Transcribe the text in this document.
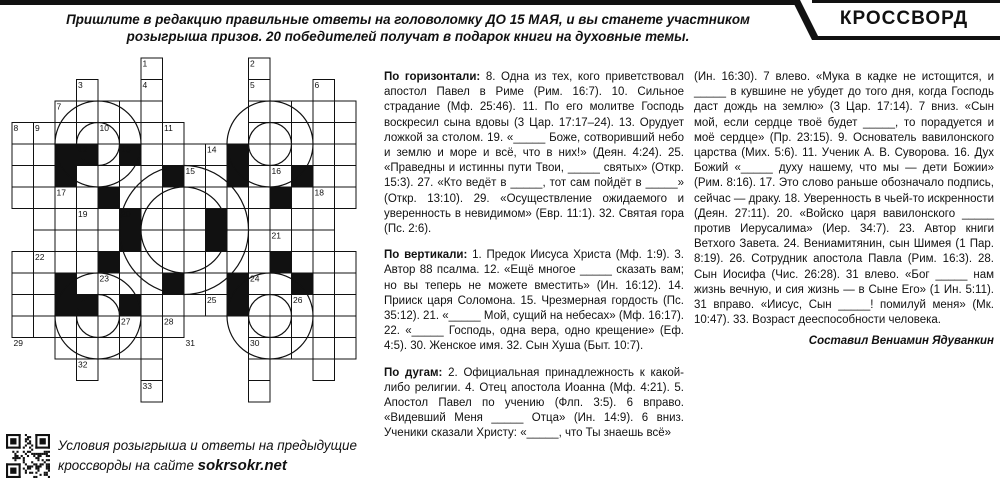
Пришлите в редакцию правильные ответы на головоломку ДО 15 МАЯ, и вы станете участником
розыгрыша призов. 20 победителей получат в подарок книги на духовные темы.

КРОССВОРД
1	2
3	4	5	6
7
8 9	10	11
12	13	14
15	16
17	18
19	20
21
22
23	24
25	26
27	28
29	30
31
32
33

По горизонтали: 8. Одна из тех, кого приветствовал апостол Павел в Риме (Рим. 16:7). 10. Сильное страдание (Мф. 25:46). 11. По его молитве Господь воскресил сына вдовы (3 Цар. 17:17–24). 13. Орудует ложкой за столом. 19. «_____ Боже, сотворивший небо и землю и море и всё, что в них!» (Деян. 4:24). 25. «Праведны и истинны пути Твои, _____ святых» (Откр. 15:3). 27. «Кто ведёт в _____, тот сам пойдёт в _____» (Откр. 13:10). 29. «Осуществление ожидаемого и уверенность в невидимом» (Евр. 11:1). 32. Святая гора (Пс. 2:6).

По вертикали: 1. Предок Иисуса Христа (Мф. 1:9). 3. Автор 88 псалма. 12. «Ещё многое _____ сказать вам; но вы теперь не можете вместить» (Ин. 16:12). 14. Прииск царя Соломона. 15. Чрезмерная гордость (Пс. 35:12). 21. «_____ Мой, сущий на небесах» (Мф. 16:17). 22. «_____ Господь, одна вера, одно крещение» (Еф. 4:5). 30. Женское имя. 32. Сын Хуша (Быт. 10:7).

По дугам: 2. Официальная принадлежность к какой-либо религии. 4. Отец апостола Иоанна (Мф. 4:21). 5. Апостол Павел по учению (Флп. 3:5). 6 вправо. «Видевший Меня _____ Отца» (Ин. 14:9). 6 вниз. Ученики сказали Христу: «_____, что Ты знаешь всё»

(Ин. 16:30). 7 влево. «Мука в кадке не истощится, и _____ в кувшине не убудет до того дня, когда Господь даст дождь на землю» (3 Цар. 17:14). 7 вниз. «Сын мой, если сердце твоё будет _____, то порадуется и моё сердце» (Пр. 23:15). 9. Основатель вавилонского царства (Мих. 5:6). 11. Ученик А. В. Суворова. 16. Дух Божий «_____ духу нашему, что мы — дети Божии» (Рим. 8:16). 17. Это слово раньше обозначало подпись, сейчас — драку. 18. Уверенность в чьей-то искренности (Деян. 27:11). 20. «Войско царя вавилонского _____ против Иерусалима» (Иер. 34:7). 23. Автор книги Ветхого Завета. 24. Вениамитянин, сын Шимея (1 Пар. 8:19). 26. Сотрудник апостола Павла (Рим. 16:3). 28. Сын Иосифа (Чис. 26:28). 31 влево. «Бог _____ нам жизнь вечную, и сия жизнь — в Сыне Его» (1 Ин. 5:11). 31 вправо. «Иисус, Сын _____! помилуй меня» (Мк. 10:47). 33. Возраст дееспособности человека.

Составил Вениамин Ядуванкин

Условия розыгрыша и ответы на предыдущие
кроссворды на сайте sokrsokr.net
